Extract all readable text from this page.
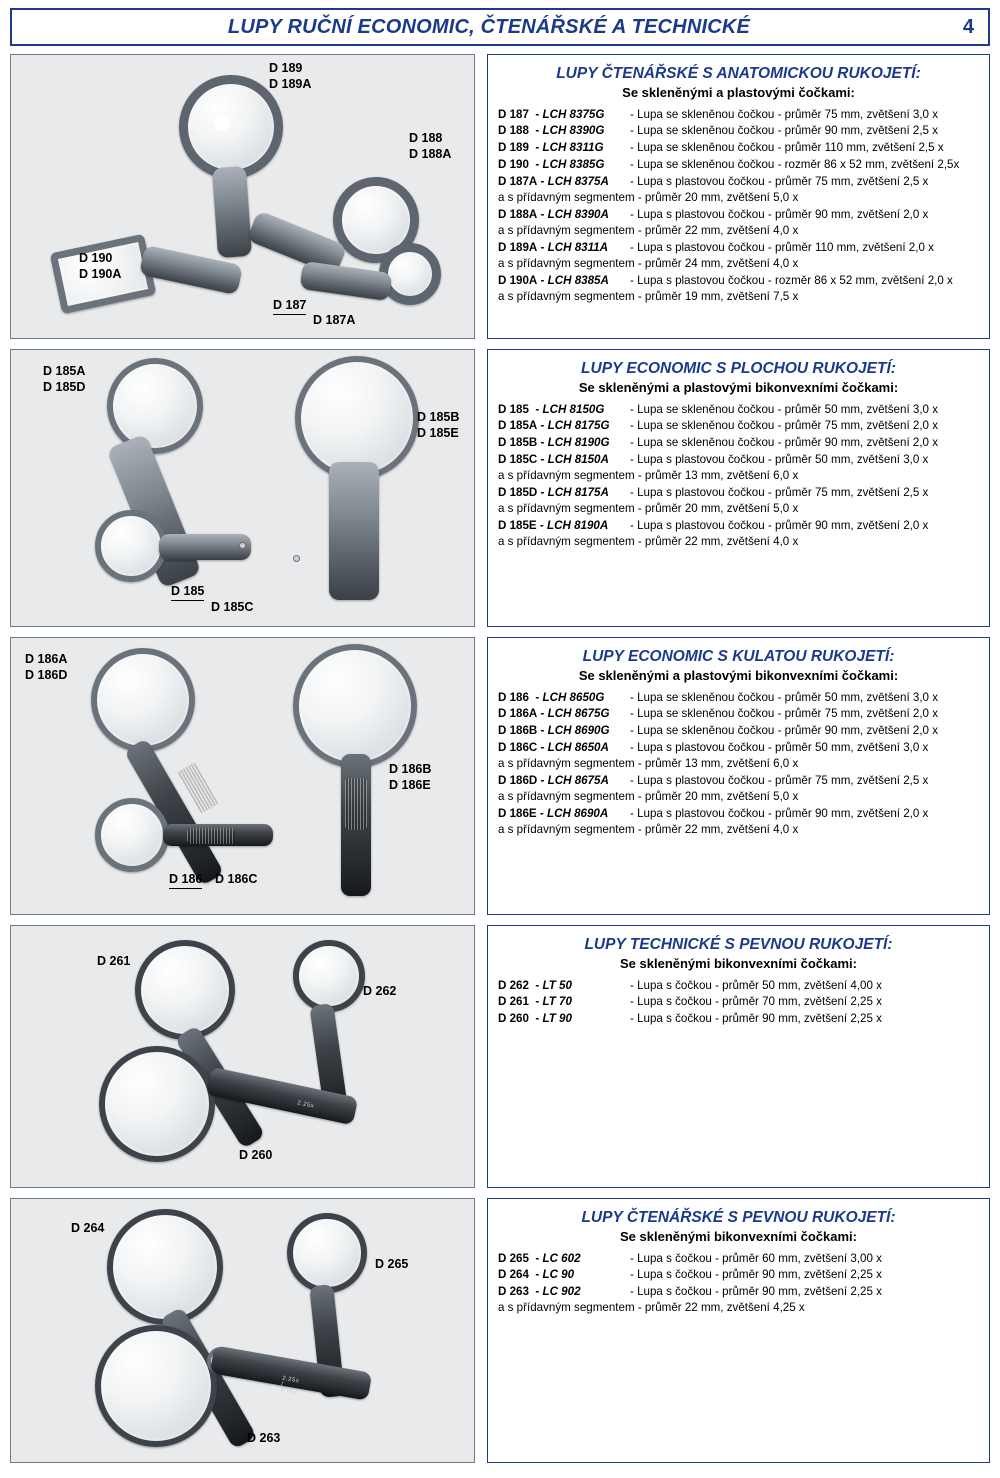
LUPY RUČNÍ ECONOMIC, ČTENÁŘSKÉ A TECHNICKÉ	4
D 189
D 189A
D 188
D 188A
D 190
D 190A
D 187
D 187A
LUPY ČTENÁŘSKÉ S ANATOMICKOU RUKOJETÍ:
Se skleněnými a plastovými čočkami:
D 187 - LCH 8375G	- Lupa se skleněnou čočkou - průměr 75 mm, zvětšení 3,0 x
D 188 - LCH 8390G	- Lupa se skleněnou čočkou - průměr 90 mm, zvětšení 2,5 x
D 189 - LCH 8311G	- Lupa se skleněnou čočkou - průměr 110 mm, zvětšení 2,5 x
D 190 - LCH 8385G	- Lupa se skleněnou čočkou - rozměr 86 x 52 mm, zvětšení 2,5x
D 187A - LCH 8375A	- Lupa s plastovou čočkou - průměr 75 mm, zvětšení 2,5 x
a s přídavným segmentem - průměr 20 mm, zvětšení 5,0 x	
D 188A - LCH 8390A	- Lupa s plastovou čočkou - průměr 90 mm, zvětšení 2,0 x
a s přídavným segmentem - průměr 22 mm, zvětšení 4,0 x	
D 189A - LCH 8311A	- Lupa s plastovou čočkou - průměr 110 mm, zvětšení 2,0 x
a s přídavným segmentem - průměr 24 mm, zvětšení 4,0 x	
D 190A - LCH 8385A	- Lupa s plastovou čočkou - rozměr 86 x 52 mm, zvětšení 2,0 x
a s přídavným segmentem - průměr 19 mm, zvětšení 7,5 x	
D 185A
D 185D
D 185B
D 185E
D 185
D 185C
LUPY ECONOMIC S PLOCHOU RUKOJETÍ:
Se skleněnými a plastovými bikonvexními čočkami:
D 185 - LCH 8150G	- Lupa se skleněnou čočkou - průměr 50 mm, zvětšení 3,0 x
D 185A - LCH 8175G	- Lupa se skleněnou čočkou - průměr 75 mm, zvětšení 2,0 x
D 185B - LCH 8190G	- Lupa se skleněnou čočkou - průměr 90 mm, zvětšení 2,0 x
D 185C - LCH 8150A	- Lupa s plastovou čočkou - průměr 50 mm, zvětšení 3,0 x
a s přídavným segmentem - průměr 13 mm, zvětšení 6,0 x	
D 185D - LCH 8175A	- Lupa s plastovou čočkou - průměr 75 mm, zvětšení 2,5 x
a s přídavným segmentem - průměr 20 mm, zvětšení 5,0 x	
D 185E - LCH 8190A	- Lupa s plastovou čočkou - průměr 90 mm, zvětšení 2,0 x
a s přídavným segmentem - průměr 22 mm, zvětšení 4,0 x	
D 186A
D 186D
D 186B
D 186E
D 186 D 186C
LUPY ECONOMIC S KULATOU RUKOJETÍ:
Se skleněnými a plastovými bikonvexními čočkami:
D 186 - LCH 8650G	- Lupa se skleněnou čočkou - průměr 50 mm, zvětšení 3,0 x
D 186A - LCH 8675G	- Lupa se skleněnou čočkou - průměr 75 mm, zvětšení 2,0 x
D 186B - LCH 8690G	- Lupa se skleněnou čočkou - průměr 90 mm, zvětšení 2,0 x
D 186C - LCH 8650A	- Lupa s plastovou čočkou - průměr 50 mm, zvětšení 3,0 x
a s přídavným segmentem - průměr 13 mm, zvětšení 6,0 x	
D 186D - LCH 8675A	- Lupa s plastovou čočkou - průměr 75 mm, zvětšení 2,5 x
a s přídavným segmentem - průměr 20 mm, zvětšení 5,0 x	
D 186E - LCH 8690A	- Lupa s plastovou čočkou - průměr 90 mm, zvětšení 2,0 x
a s přídavným segmentem - průměr 22 mm, zvětšení 4,0 x	
2.25x
D 261
D 262
D 260
LUPY TECHNICKÉ S PEVNOU RUKOJETÍ:
Se skleněnými bikonvexními čočkami:
D 262 - LT 50	- Lupa s čočkou - průměr 50 mm, zvětšení 4,00 x
D 261 - LT 70	- Lupa s čočkou - průměr 70 mm, zvětšení 2,25 x
D 260 - LT 90	- Lupa s čočkou - průměr 90 mm, zvětšení 2,25 x
2.25x / 4.25x
D 264
D 265
D 263
LUPY ČTENÁŘSKÉ S PEVNOU RUKOJETÍ:
Se skleněnými bikonvexními čočkami:
D 265 - LC 602	- Lupa s čočkou - průměr 60 mm, zvětšení 3,00 x
D 264 - LC 90	- Lupa s čočkou - průměr 90 mm, zvětšení 2,25 x
D 263 - LC 902	- Lupa s čočkou - průměr 90 mm, zvětšení 2,25 x
a s přídavným segmentem - průměr 22 mm, zvětšení 4,25 x	
